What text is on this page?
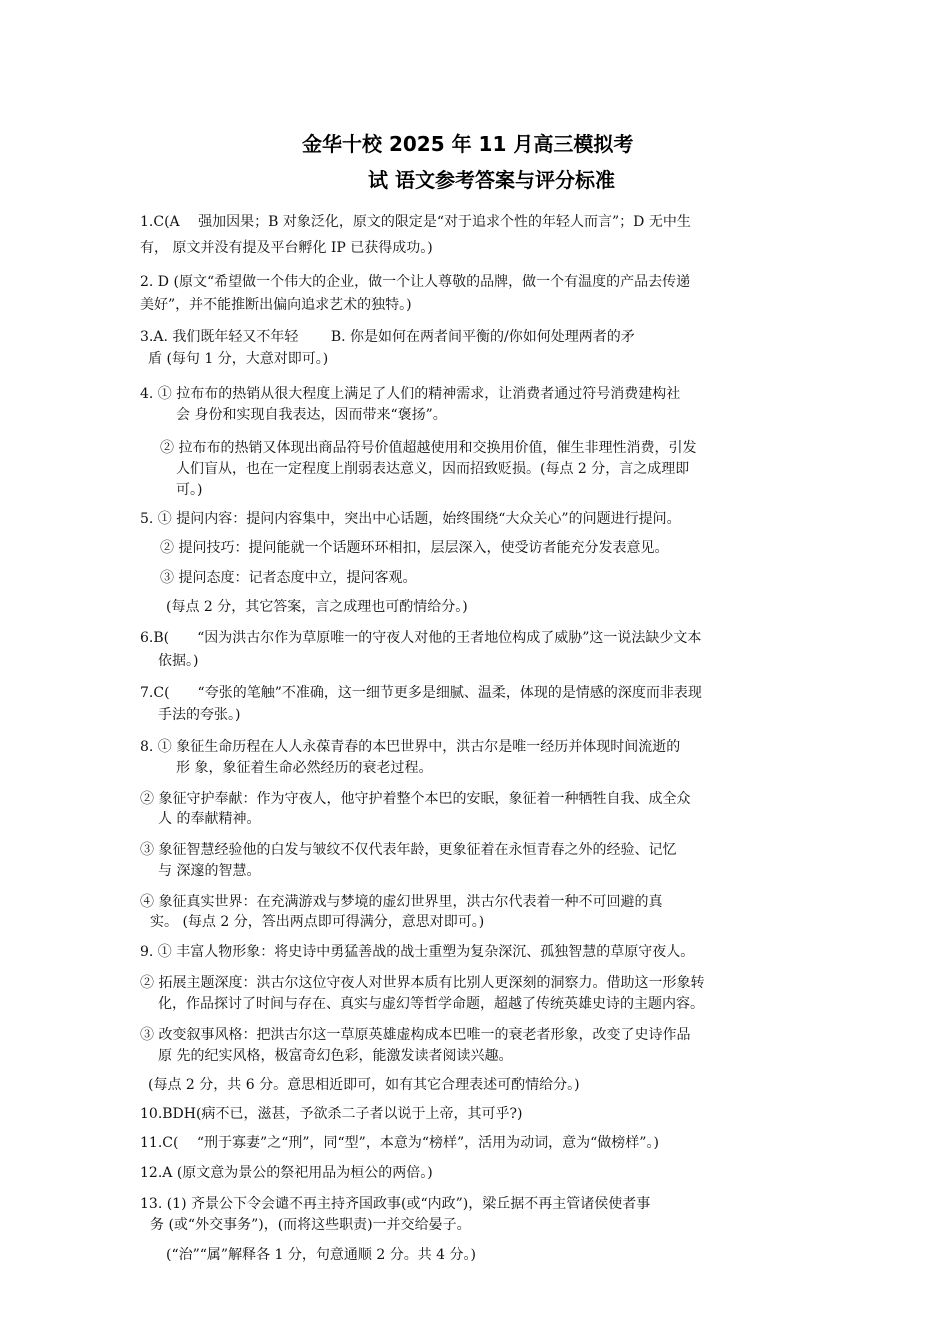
金华十校 2025 年 11 月高三模拟考
试 语文参考答案与评分标准
1.C(A　 强加因果；B 对象泛化，原文的限定是“对于追求个性的年轻人而言”；D 无中生
有， 原文并没有提及平台孵化 IP 已获得成功。)
2. D (原文“希望做一个伟大的企业，做一个让人尊敬的品牌，做一个有温度的产品去传递
美好”，并不能推断出偏向追求艺术的独特。)
3.A. 我们既年轻又不年轻　　 B. 你是如何在两者间平衡的/你如何处理两者的矛
盾 (每句 1 分，大意对即可。)
4. ① 拉布布的热销从很大程度上满足了人们的精神需求，让消费者通过符号消费建构社
会 身份和实现自我表达，因而带来“褒扬”。
② 拉布布的热销又体现出商品符号价值超越使用和交换用价值，催生非理性消费，引发
人们盲从，也在一定程度上削弱表达意义，因而招致贬损。(每点 2 分，言之成理即
可。)
5. ① 提问内容：提问内容集中，突出中心话题，始终围绕“大众关心”的问题进行提问。
② 提问技巧：提问能就一个话题环环相扣，层层深入，使受访者能充分发表意见。
③ 提问态度：记者态度中立，提问客观。
(每点 2 分，其它答案，言之成理也可酌情给分。)
6.B(　　“因为洪古尔作为草原唯一的守夜人对他的王者地位构成了威胁”这一说法缺少文本
依据。)
7.C(　　“夸张的笔触”不准确，这一细节更多是细腻、温柔，体现的是情感的深度而非表现
手法的夸张。)
8. ① 象征生命历程在人人永葆青春的本巴世界中，洪古尔是唯一经历并体现时间流逝的
形 象，象征着生命必然经历的衰老过程。
② 象征守护奉献：作为守夜人，他守护着整个本巴的安眠，象征着一种牺牲自我、成全众
人 的奉献精神。
③ 象征智慧经验他的白发与皱纹不仅代表年龄，更象征着在永恒青春之外的经验、记忆
与 深邃的智慧。
④ 象征真实世界：在充满游戏与梦境的虚幻世界里，洪古尔代表着一种不可回避的真
实。 (每点 2 分，答出两点即可得满分，意思对即可。)
9. ① 丰富人物形象：将史诗中勇猛善战的战士重塑为复杂深沉、孤独智慧的草原守夜人。
② 拓展主题深度：洪古尔这位守夜人对世界本质有比别人更深刻的洞察力。借助这一形象转
化，作品探讨了时间与存在、真实与虚幻等哲学命题，超越了传统英雄史诗的主题内容。
③ 改变叙事风格：把洪古尔这一草原英雄虚构成本巴唯一的衰老者形象，改变了史诗作品
原 先的纪实风格，极富奇幻色彩，能激发读者阅读兴趣。
(每点 2 分，共 6 分。意思相近即可，如有其它合理表述可酌情给分。)
10.BDH(病不已，滋甚，予欲杀二子者以说于上帝，其可乎?)
11.C(　 “刑于寡妻”之“刑”，同“型”，本意为“榜样”，活用为动词，意为“做榜样”。)
12.A (原文意为景公的祭祀用品为桓公的两倍。)
13. (1) 齐景公下令会谴不再主持齐国政事(或“内政”)，梁丘据不再主管诸侯使者事
务 (或“外交事务”)，(而将这些职责)一并交给晏子。
(“治”“属”解释各 1 分，句意通顺 2 分。共 4 分。)
